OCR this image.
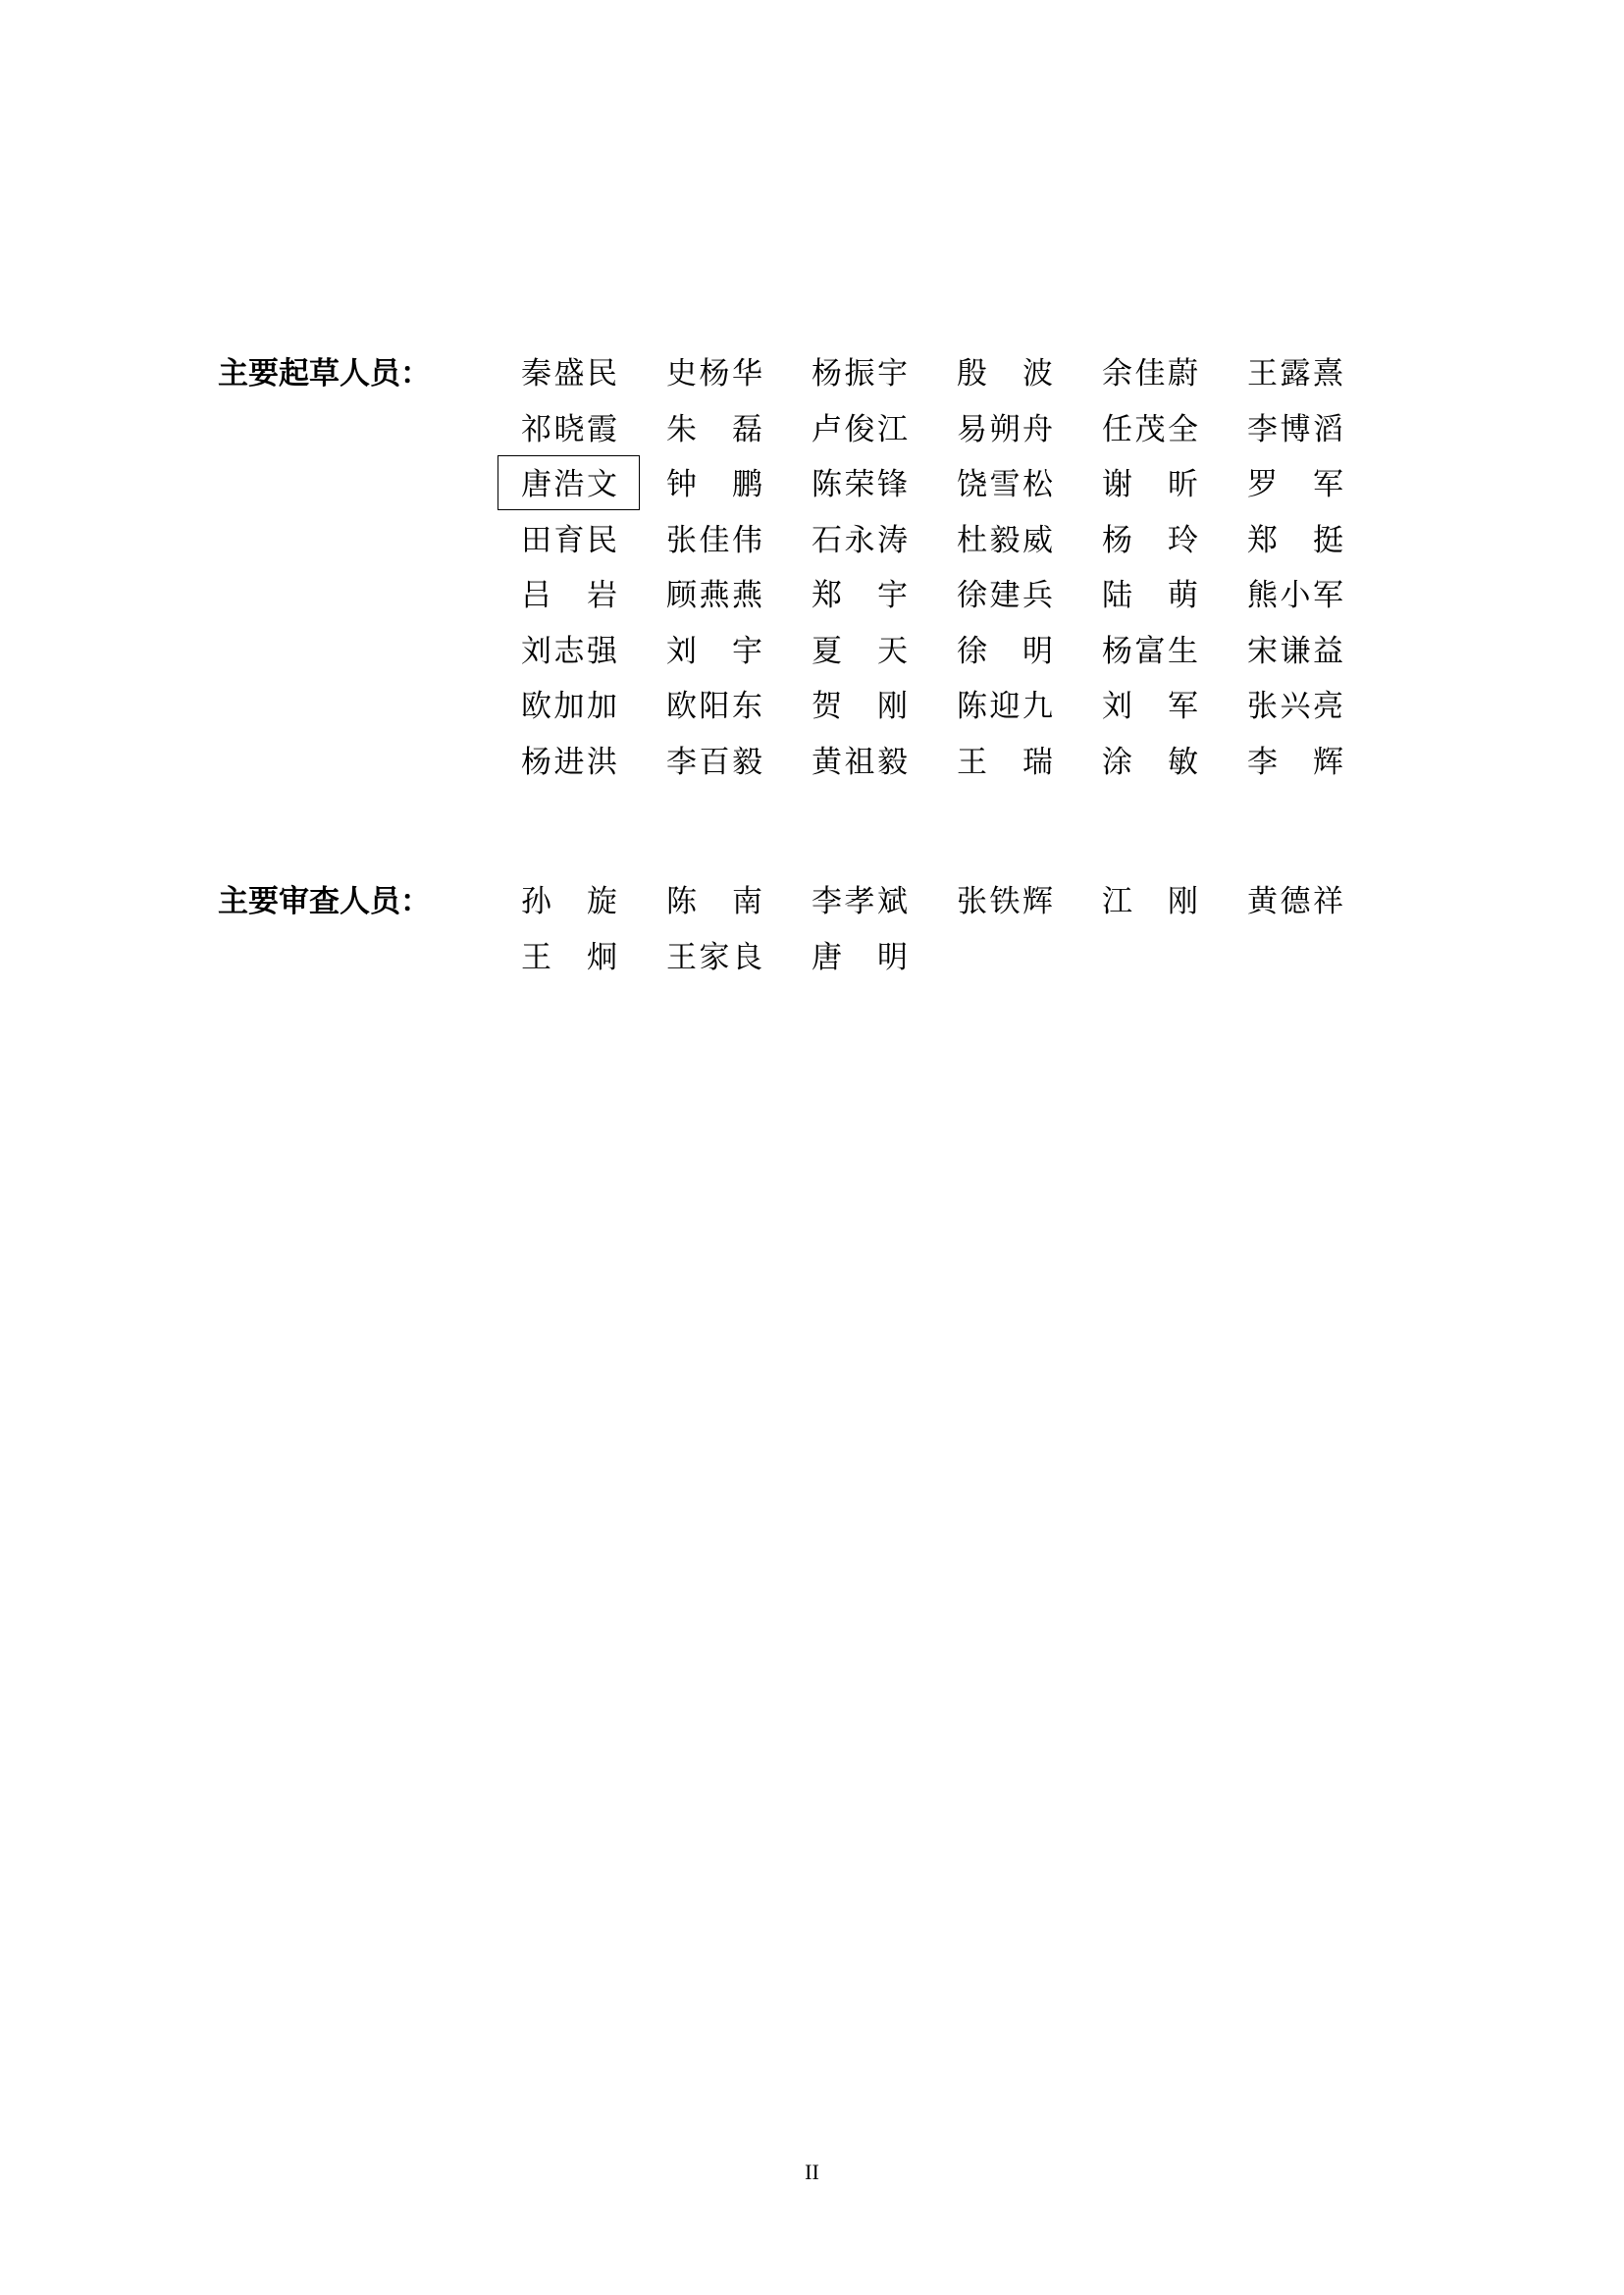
主要起草人员：	秦 盛 民 史 杨 华 杨 振 宇 殷 波 余 佳 蔚 王 露 熹
祁 晓 霞 朱 磊 卢 俊 江 易 朔 舟 任 茂 全 李 博 滔
唐 浩 文 钟 鹏 陈 荣 锋 饶 雪 松 谢 昕 罗 军
田 育 民 张 佳 伟 石 永 涛 杜 毅 威 杨 玲 郑 挺
吕 岩 顾 燕 燕 郑 宇 徐 建 兵 陆 萌 熊 小 军
刘 志 强 刘 宇 夏 天 徐 明 杨 富 生 宋 谦 益
欧 加 加 欧 阳 东 贺 刚 陈 迎 九 刘 军 张 兴 亮
杨 进 洪 李 百 毅 黄 祖 毅 王 瑞 涂 敏 李 辉
主要审查人员：	孙 旋 陈 南 李 孝 斌 张 铁 辉 江 刚 黄 德 祥
王 炯 王 家 良 唐 明
II
